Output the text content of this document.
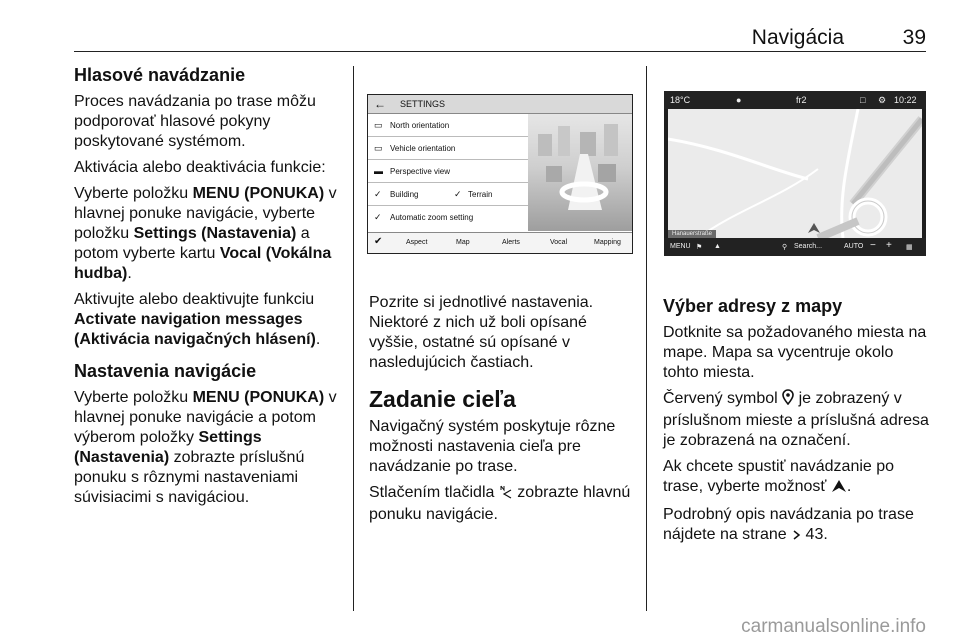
Navigácia	39
Hlasové navádzanie

Proces navádzania po trase môžu podporovať hlasové pokyny poskytované systémom.

Aktivácia alebo deaktivácia funkcie:

Vyberte položku MENU (PONUKA) v hlavnej ponuke navigácie, vyberte položku Settings (Nastavenia) a potom vyberte kartu Vocal (Vokálna hudba).

Aktivujte alebo deaktivujte funkciu Activate navigation messages (Aktivácia navigačných hlásení).

Nastavenia navigácie

Vyberte položku MENU (PONUKA) v hlavnej ponuke navigácie a potom výberom položky Settings (Nastavenia) zobrazte príslušnú ponuku s rôznymi nastaveniami súvisiacimi s navigáciou.

← SETTINGS
▭ North orientation
▭ Vehicle orientation
▬ Perspective view
✓ Building	✓ Terrain
✓ Automatic zoom setting
✔	Aspect	Map	Alerts	Vocal	Mapping

Pozrite si jednotlivé nastavenia. Niektoré z nich už boli opísané vyššie, ostatné sú opísané v nasledujúcich častiach.

Zadanie cieľa

Navigačný systém poskytuje rôzne možnosti nastavenia cieľa pre navádzanie po trase.

Stlačením tlačidla  zobrazte hlavnú ponuku navigácie.

18°C	●	fr2	□ ⚙ 10:22
Hanauerstraße
MENU ⚑ ▲	⚲ Search...	AUTO − + ▦
Výber adresy z mapy

Dotknite sa požadovaného miesta na mape. Mapa sa vycentruje okolo tohto miesta.

Červený symbol  je zobrazený v príslušnom mieste a príslušná adresa je zobrazená na označení.

Ak chcete spustiť navádzanie po trase, vyberte možnosť .

Podrobný opis navádzania po trase nájdete na strane  43.

carmanualsonline.info
